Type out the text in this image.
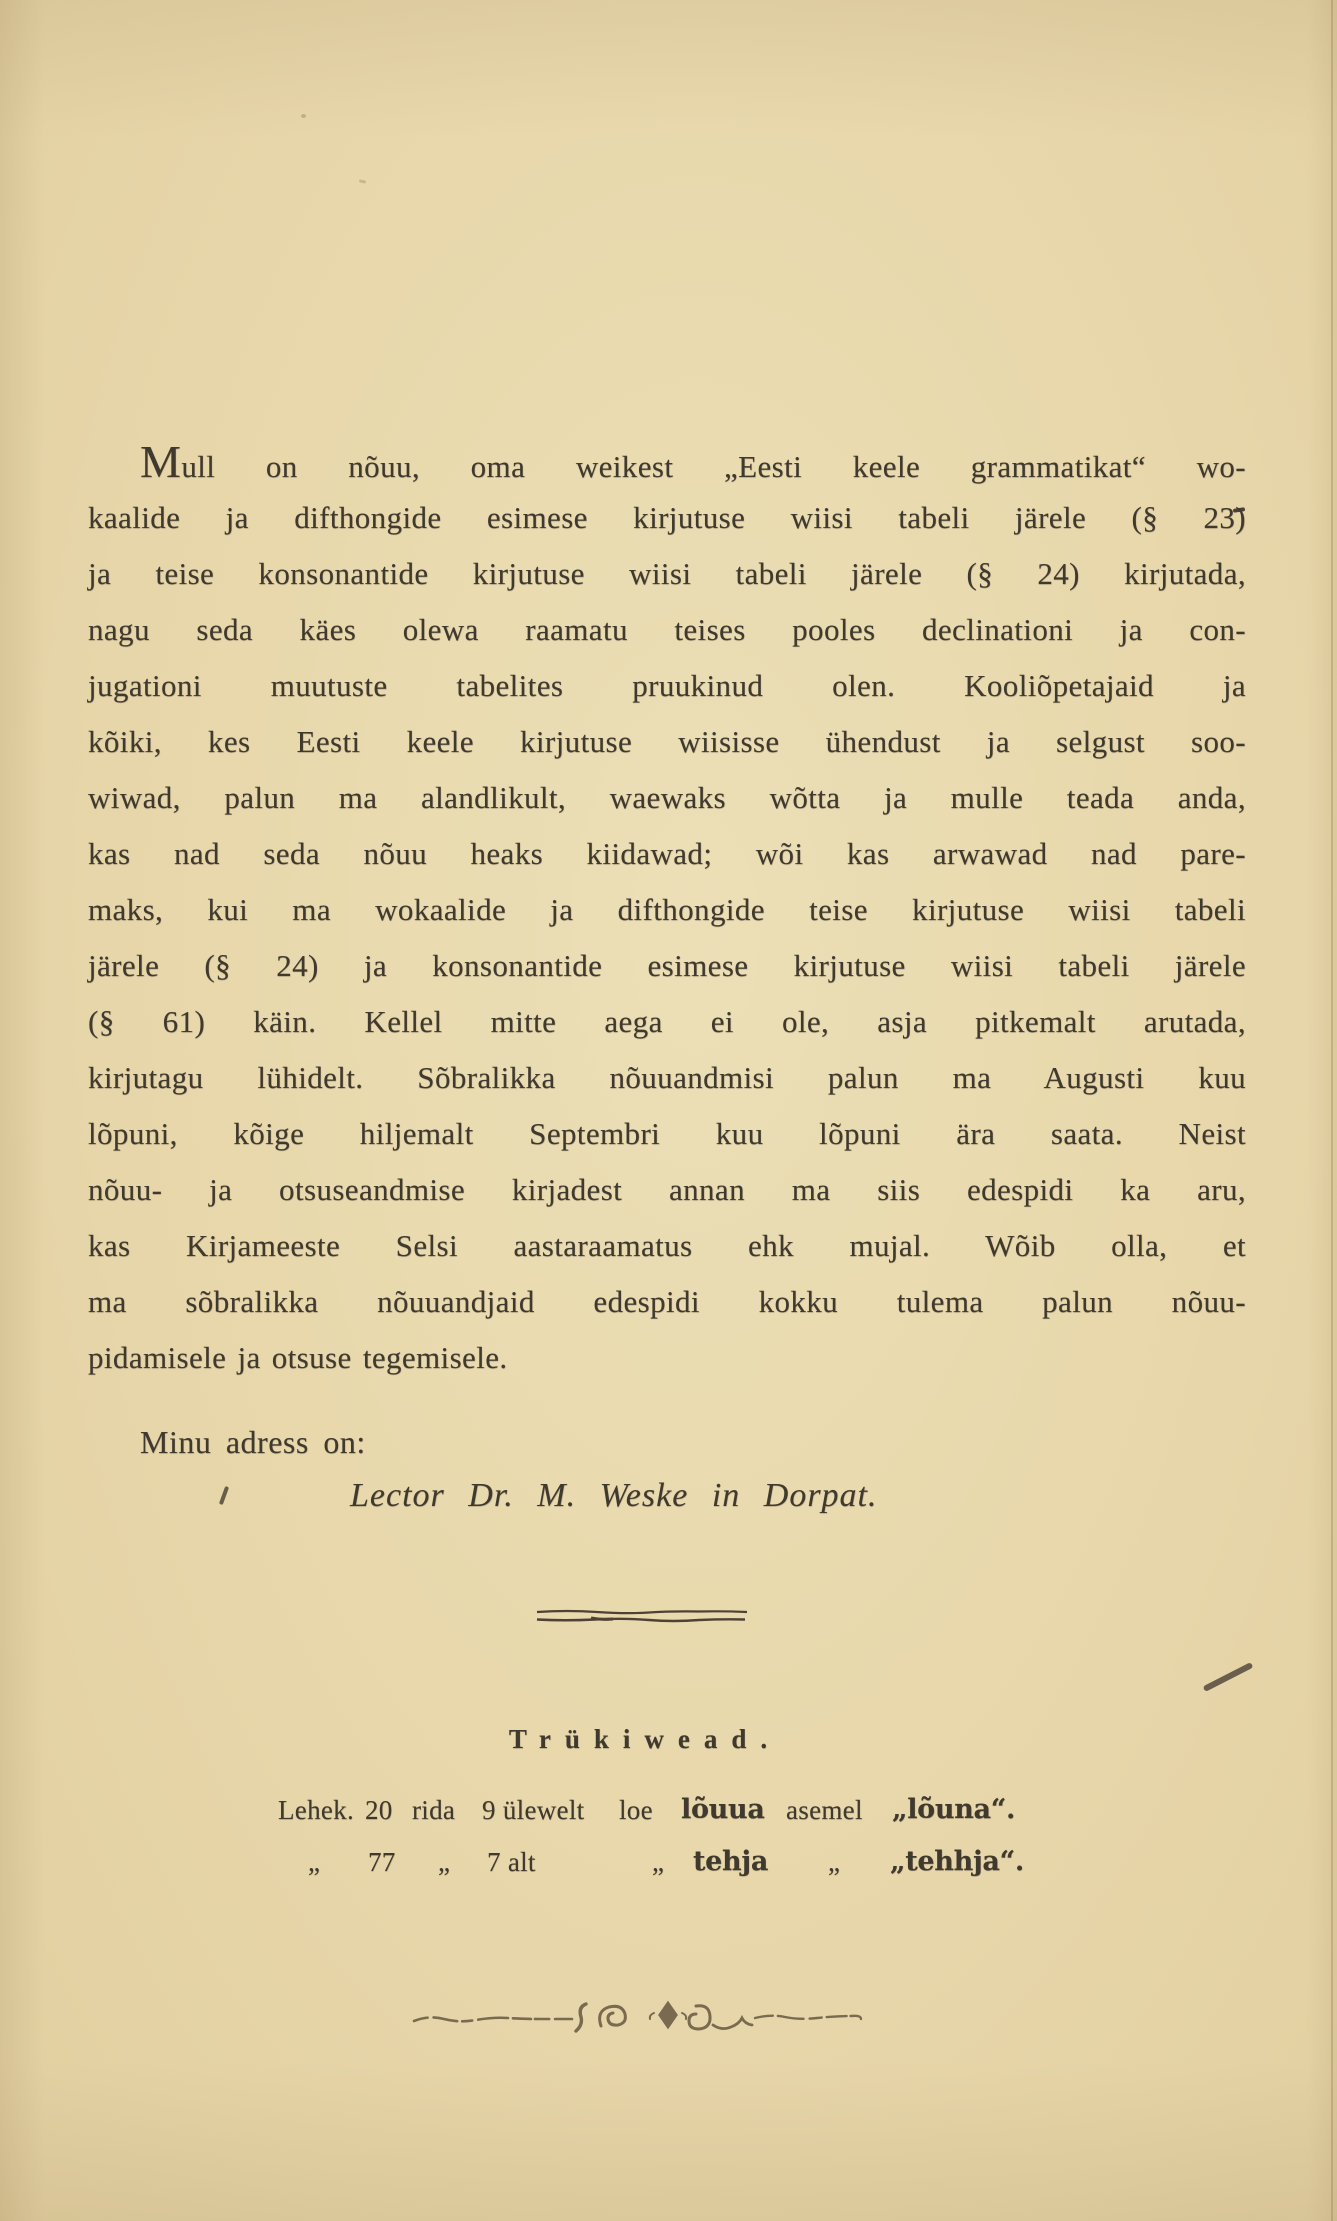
Mull on nõuu, oma weikest „Eesti keele grammatikat“ wo-
kaalide ja difthongide esimese kirjutuse wiisi tabeli järele (§ 23)
ja teise konsonantide kirjutuse wiisi tabeli järele (§ 24) kirjutada,
nagu seda käes olewa raamatu teises pooles declinationi ja con-
jugationi muutuste tabelites pruukinud olen. Kooliõpetajaid ja
kõiki, kes Eesti keele kirjutuse wiisisse ühendust ja selgust soo-
wiwad, palun ma alandlikult, waewaks wõtta ja mulle teada anda,
kas nad seda nõuu heaks kiidawad; wõi kas arwawad nad pare-
maks, kui ma wokaalide ja difthongide teise kirjutuse wiisi tabeli
järele (§ 24) ja konsonantide esimese kirjutuse wiisi tabeli järele
(§ 61) käin. Kellel mitte aega ei ole, asja pitkemalt arutada,
kirjutagu lühidelt. Sõbralikka nõuuandmisi palun ma Augusti kuu
lõpuni, kõige hiljemalt Septembri kuu lõpuni ära saata. Neist
nõuu- ja otsuseandmise kirjadest annan ma siis edespidi ka aru,
kas Kirjameeste Selsi aastaraamatus ehk mujal. Wõib olla, et
ma sõbralikka nõuuandjaid edespidi kokku tulema palun nõuu-
pidamisele ja otsuse tegemisele.
Minu adress on:
Lector Dr. M. Weske in Dorpat.
Trükiwead.
Lehek. 20 rida 9 ülewelt loe lõuua asemel „lõuna“.
„ 77 „ 7 alt	„ tehja „ „tehhja“.
